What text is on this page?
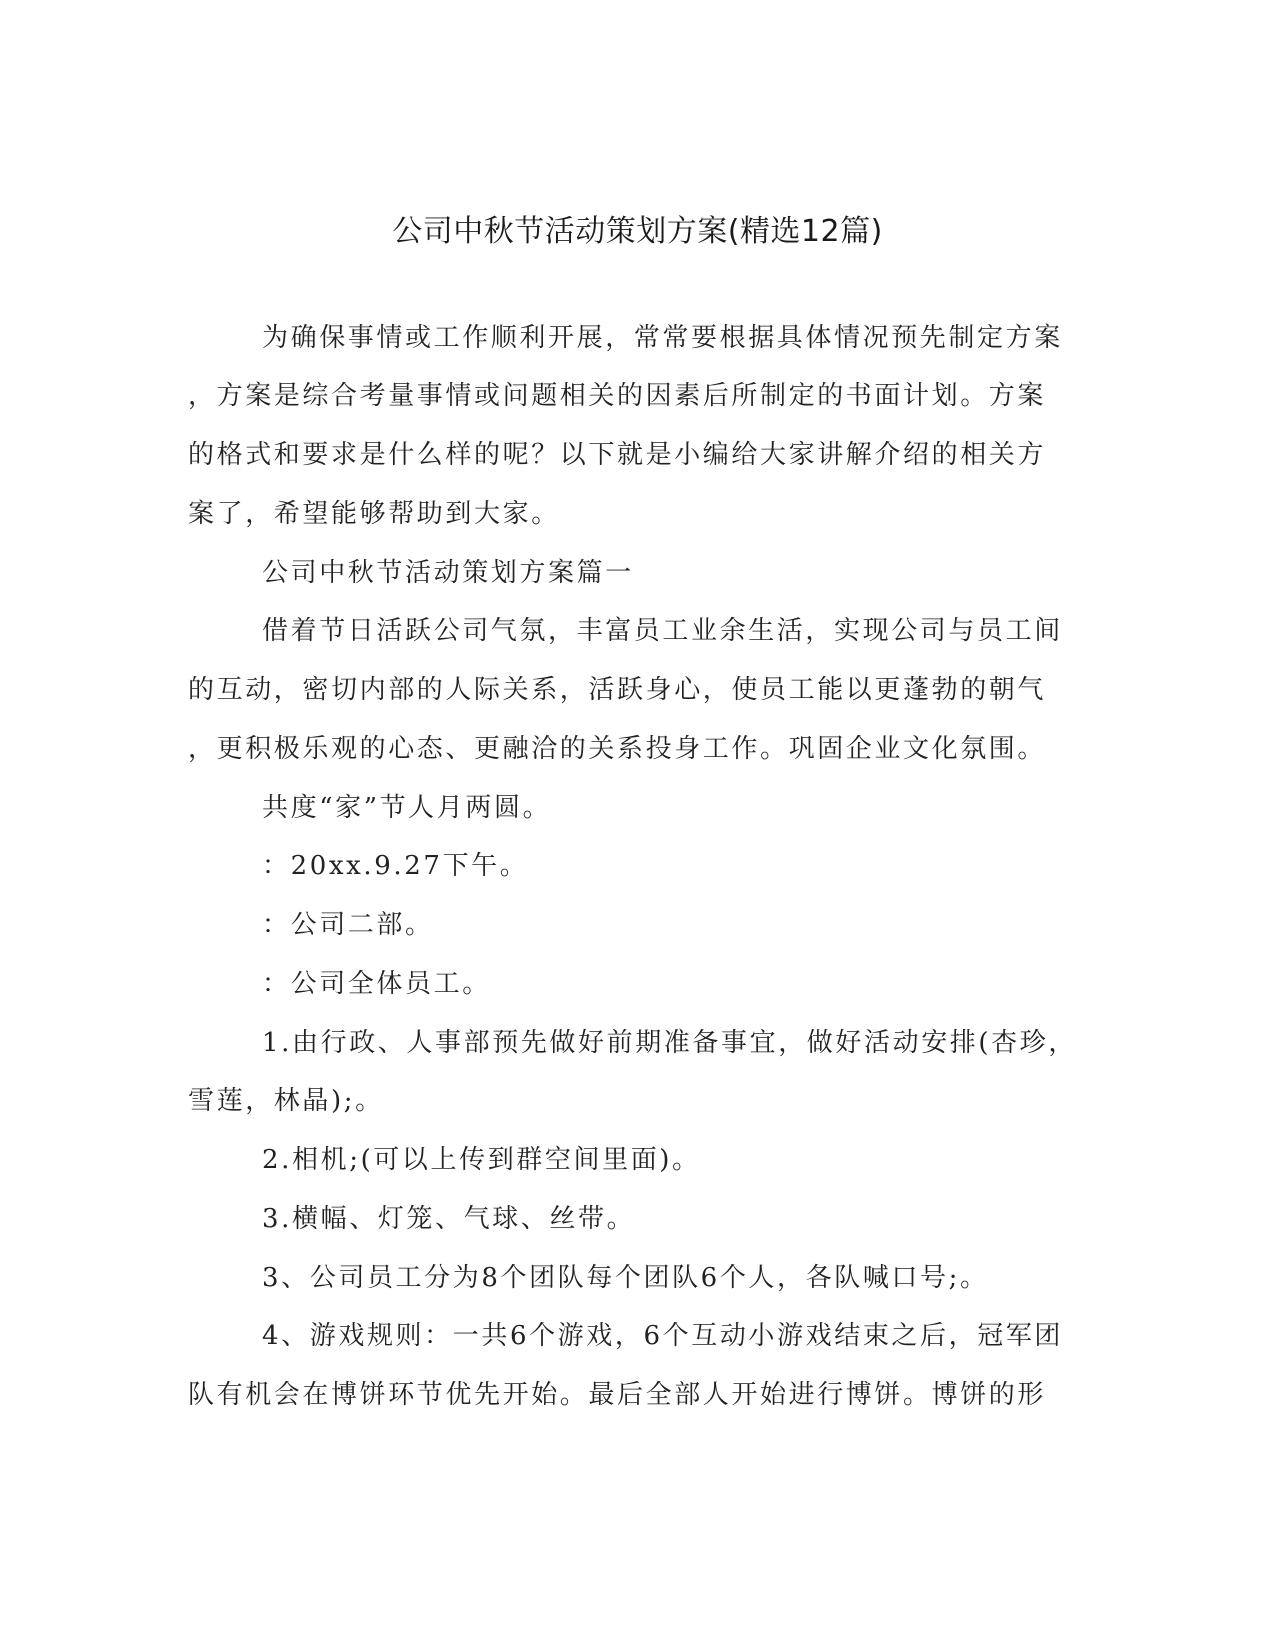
公司中秋节活动策划方案(精选12篇)

为确保事情或工作顺利开展，常常要根据具体情况预先制定方案

，方案是综合考量事情或问题相关的因素后所制定的书面计划。方案

的格式和要求是什么样的呢？以下就是小编给大家讲解介绍的相关方

案了，希望能够帮助到大家。

公司中秋节活动策划方案篇一

借着节日活跃公司气氛，丰富员工业余生活，实现公司与员工间

的互动，密切内部的人际关系，活跃身心，使员工能以更蓬勃的朝气

，更积极乐观的心态、更融洽的关系投身工作。巩固企业文化氛围。

共度“家”节人月两圆。

：20xx.9.27下午。

：公司二部。

：公司全体员工。

1.由行政、人事部预先做好前期准备事宜，做好活动安排(杏珍，

雪莲，林晶);。

2.相机;(可以上传到群空间里面)。

3.横幅、灯笼、气球、丝带。

3、公司员工分为8个团队每个团队6个人，各队喊口号;。

4、游戏规则：一共6个游戏，6个互动小游戏结束之后，冠军团

队有机会在博饼环节优先开始。最后全部人开始进行博饼。博饼的形
